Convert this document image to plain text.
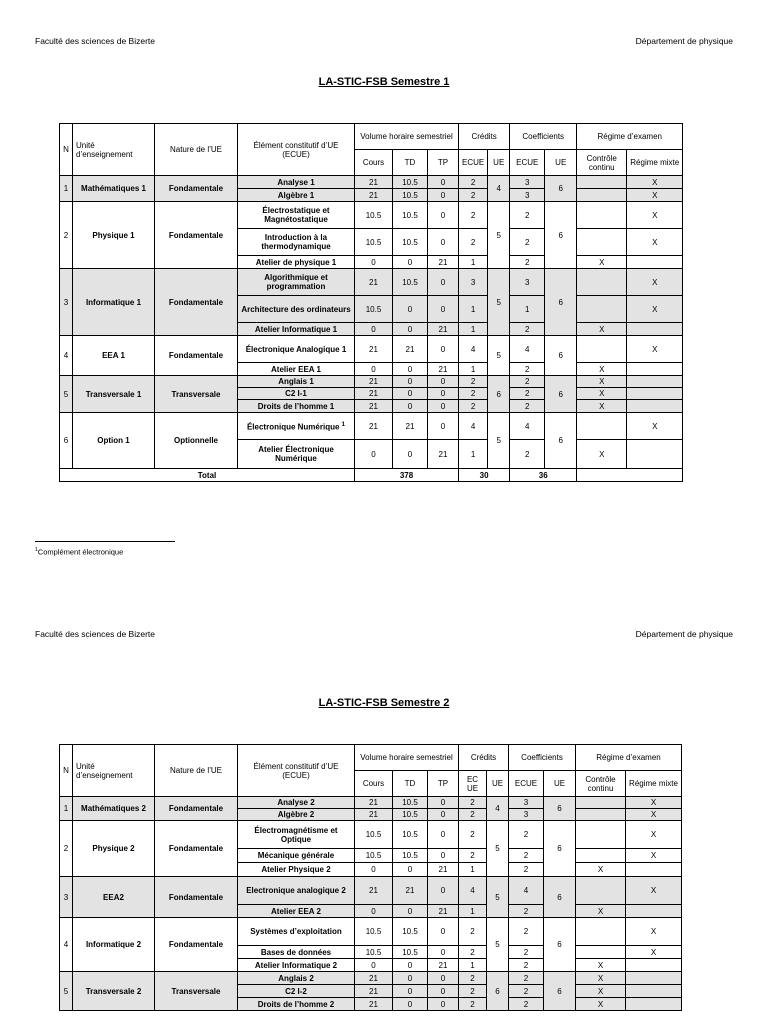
Faculté des sciences de Bizerte	Département de physique
LA-STIC-FSB Semestre 1
N	Unité d’enseignement	Nature de l’UE	Élément constitutif d’UE (ECUE)	Volume horaire semestriel			Crédits		Coefficients		Régime d’examen	
				Cours	TD	TP	ECUE	UE	ECUE	UE	Contrôle continu	Régime mixte
1	Mathématiques 1	Fondamentale	Analyse 1	21	10.5	0	2	4	3	6		X
			Algèbre 1	21	10.5	0	2		3			X
2	Physique 1	Fondamentale	Électrostatique et Magnétostatique	10.5	10.5	0	2	5	2	6		X
			Introduction à la thermodynamique	10.5	10.5	0	2		2			X
			Atelier de physique 1	0	0	21	1		2		X	
3	Informatique 1	Fondamentale	Algorithmique et programmation	21	10.5	0	3	5	3	6		X
			Architecture des ordinateurs	10.5	0	0	1		1			X
			Atelier Informatique 1	0	0	21	1		2		X	
4	EEA 1	Fondamentale	Électronique Analogique 1	21	21	0	4	5	4	6		X
			Atelier EEA 1	0	0	21	1		2		X	
5	Transversale 1	Transversale	Anglais 1	21	0	0	2	6	2	6	X	
			C2 I-1	21	0	0	2		2		X	
			Droits de l’homme 1	21	0	0	2		2		X	
6	Option 1	Optionnelle	Électronique Numérique $^1$	21	21	0	4	5	4	6		X
			Atelier Électronique Numérique	0	0	21	1		2		X	
Total				378			30		36			
$^1$Complément électronique
Faculté des sciences de Bizerte	Département de physique
LA-STIC-FSB Semestre 2
N	Unité d’enseignement	Nature de l’UE	Élément constitutif d’UE (ECUE)	Volume horaire semestriel			Crédits		Coefficients		Régime d’examen	
				Cours	TD	TP	EC UE	UE	ECUE	UE	Contrôle continu	Régime mixte
1	Mathématiques 2	Fondamentale	Analyse 2	21	10.5	0	2	4	3	6		X
			Algèbre 2	21	10.5	0	2		3			X
2	Physique 2	Fondamentale	Électromagnétisme et Optique	10.5	10.5	0	2	5	2	6		X
			Mécanique générale	10.5	10.5	0	2		2			X
			Atelier Physique 2	0	0	21	1		2		X	
3	EEA2	Fondamentale	Electronique analogique 2	21	21	0	4	5	4	6		X
			Atelier EEA 2	0	0	21	1		2		X	
4	Informatique 2	Fondamentale	Systèmes d’exploitation	10.5	10.5	0	2	5	2	6		X
			Bases de données	10.5	10.5	0	2		2			X
			Atelier Informatique 2	0	0	21	1		2		X	
5	Transversale 2	Transversale	Anglais 2	21	0	0	2	6	2	6	X	
			C2 I-2	21	0	0	2		2		X	
			Droits de l’homme 2	21	0	0	2		2		X	
